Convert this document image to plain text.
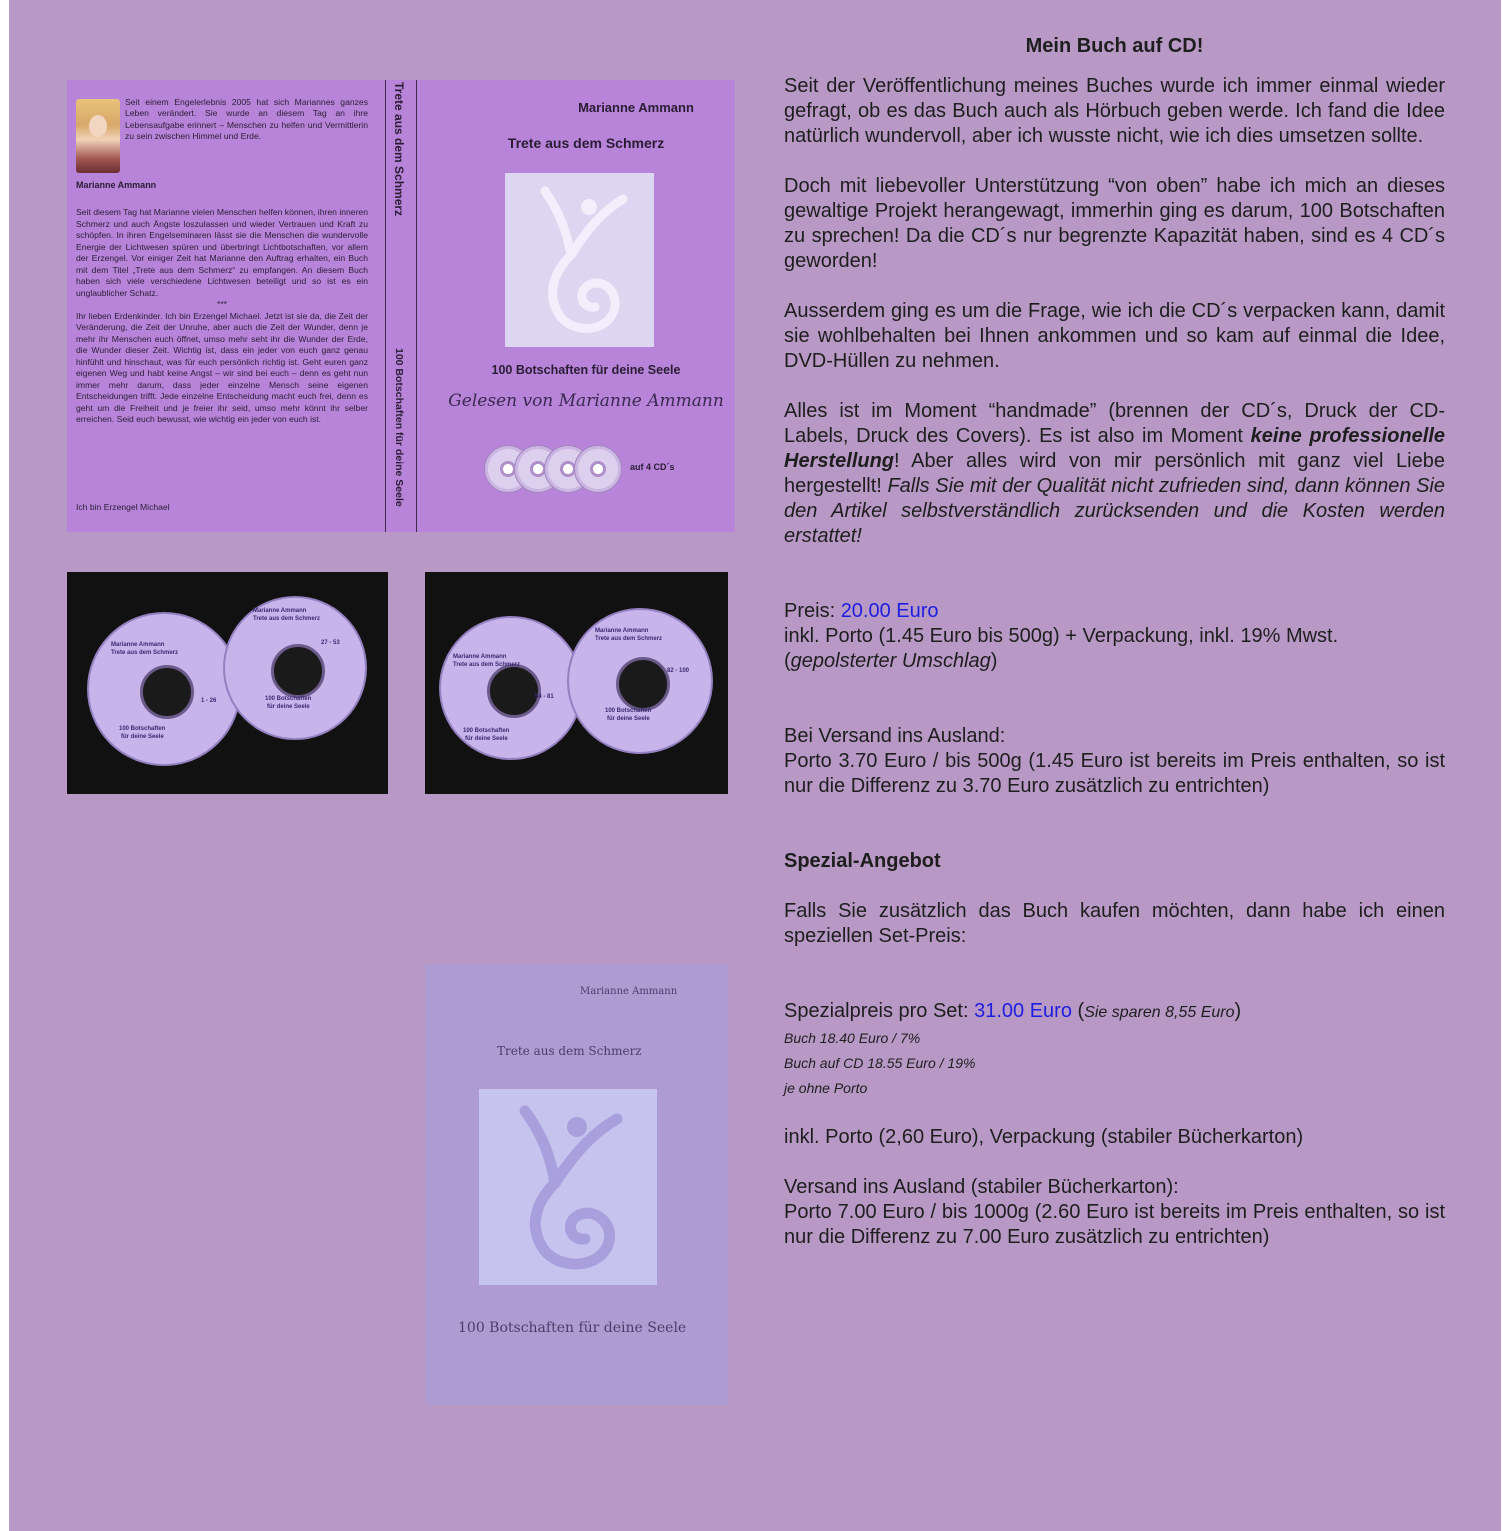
Seit einem Engelerlebnis 2005 hat sich Mariannes ganzes Leben verändert. Sie wurde an diesem Tag an ihre Lebensaufgabe erinnert – Menschen zu helfen und Vermittlerin zu sein zwischen Himmel und Erde.
Marianne Ammann
Seit diesem Tag hat Marianne vielen Menschen helfen können, ihren inneren Schmerz und auch Ängste loszulassen und wieder Vertrauen und Kraft zu schöpfen. In ihren Engelseminaren lässt sie die Menschen die wundervolle Energie der Lichtwesen spüren und überbringt Lichtbotschaften, vor allem der Erzengel. Vor einiger Zeit hat Marianne den Auftrag erhalten, ein Buch mit dem Titel „Trete aus dem Schmerz“ zu empfangen. An diesem Buch haben sich viele verschiedene Lichtwesen beteiligt und so ist es ein unglaublicher Schatz.
***
Ihr lieben Erdenkinder. Ich bin Erzengel Michael. Jetzt ist sie da, die Zeit der Veränderung, die Zeit der Unruhe, aber auch die Zeit der Wunder, denn je mehr ihr Menschen euch öffnet, umso mehr seht ihr die Wunder der Erde, die Wunder dieser Zeit. Wichtig ist, dass ein jeder von euch ganz genau hinfühlt und hinschaut, was für euch persönlich richtig ist. Geht euren ganz eigenen Weg und habt keine Angst – wir sind bei euch – denn es geht nun immer mehr darum, dass jeder einzelne Mensch seine eigenen Entscheidungen trifft. Jede einzelne Entscheidung macht euch frei, denn es geht um die Freiheit und je freier ihr seid, umso mehr könnt ihr selber erreichen. Seid euch bewusst, wie wichtig ein jeder von euch ist.
Ich bin Erzengel Michael
Trete aus dem Schmerz
100 Botschaften für deine Seele
Marianne Ammann
Trete aus dem Schmerz
100 Botschaften für deine Seele
Gelesen von Marianne Ammann
auf 4 CD´s
Marianne Ammann
Trete aus dem Schmerz
1 - 26
100 Botschaften
für deine Seele
Marianne Ammann
Trete aus dem Schmerz
27 - 53
100 Botschaften
für deine Seele
Marianne Ammann
Trete aus dem Schmerz
54 - 81
100 Botschaften
für deine Seele
Marianne Ammann
Trete aus dem Schmerz
82 - 100
100 Botschaften
für deine Seele
Marianne Ammann
Trete aus dem Schmerz
100 Botschaften für deine Seele

Mein Buch auf CD!

Seit der Veröffentlichung meines Buches wurde ich immer einmal wieder gefragt, ob es das Buch auch als Hörbuch geben werde. Ich fand die Idee natürlich wundervoll, aber ich wusste nicht, wie ich dies umsetzen sollte.

Doch mit liebevoller Unterstützung “von oben” habe ich mich an dieses gewaltige Projekt herangewagt, immerhin ging es darum, 100 Botschaften zu sprechen! Da die CD´s nur begrenzte Kapazität haben, sind es 4 CD´s geworden!

Ausserdem ging es um die Frage, wie ich die CD´s verpacken kann, damit sie wohlbehalten bei Ihnen ankommen und so kam auf einmal die Idee, DVD-Hüllen zu nehmen.

Alles ist im Moment “handmade” (brennen der CD´s, Druck der CD-Labels, Druck des Covers). Es ist also im Moment keine professionelle Herstellung! Aber alles wird von mir persönlich mit ganz viel Liebe hergestellt! Falls Sie mit der Qualität nicht zufrieden sind, dann können Sie den Artikel selbstverständlich zurücksenden und die Kosten werden erstattet!

Preis: 20.00 Euro
inkl. Porto (1.45 Euro bis 500g) + Verpackung, inkl. 19% Mwst.
(gepolsterter Umschlag)

Bei Versand ins Ausland:
Porto 3.70 Euro / bis 500g (1.45 Euro ist bereits im Preis enthalten, so ist nur die Differenz zu 3.70 Euro zusätzlich zu entrichten)

Spezial-Angebot

Falls Sie zusätzlich das Buch kaufen möchten, dann habe ich einen speziellen Set-Preis:

Spezialpreis pro Set: 31.00 Euro (Sie sparen 8,55 Euro)
Buch 18.40 Euro / 7%
Buch auf CD 18.55 Euro / 19%
je ohne Porto

inkl. Porto (2,60 Euro), Verpackung (stabiler Bücherkarton)

Versand ins Ausland (stabiler Bücherkarton):
Porto 7.00 Euro / bis 1000g (2.60 Euro ist bereits im Preis enthalten, so ist nur die Differenz zu 7.00 Euro zusätzlich zu entrichten)
